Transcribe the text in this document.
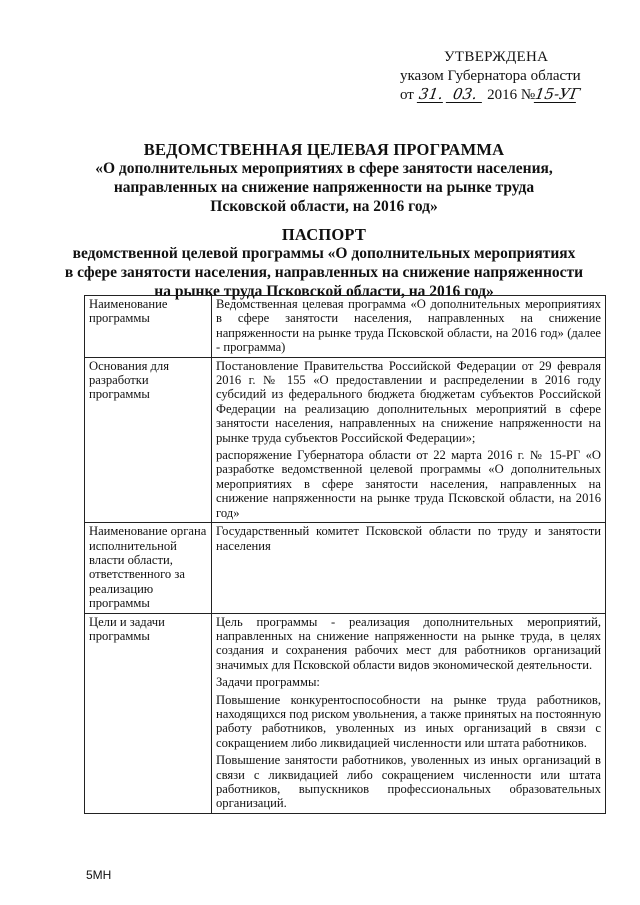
УТВЕРЖДЕНА
указом Губернатора области
от 31. 03. 2016 №15-УГ
ВЕДОМСТВЕННАЯ ЦЕЛЕВАЯ ПРОГРАММА
«О дополнительных мероприятиях в сфере занятости населения,
направленных на снижение напряженности на рынке труда
Псковской области, на 2016 год»
ПАСПОРТ
ведомственной целевой программы «О дополнительных мероприятиях
в сфере занятости населения, направленных на снижение напряженности
на рынке труда Псковской области, на 2016 год»
Наименование программы	Ведомственная целевая программа «О дополнительных мероприятиях в сфере занятости населения, направленных на снижение напряженности на рынке труда Псковской области, на 2016 год» (далее - программа)

Основания для разработки программы	Постановление Правительства Российской Федерации от 29 февраля 2016 г. № 155 «О предоставлении и распределении в 2016 году субсидий из федерального бюджета бюджетам субъектов Российской Федерации на реализацию дополнительных мероприятий в сфере занятости населения, направленных на снижение напряженности на рынке труда субъектов Российской Федерации»;

распоряжение Губернатора области от 22 марта 2016 г. № 15-РГ «О разработке ведомственной целевой программы «О дополнительных мероприятиях в сфере занятости населения, направленных на снижение напряженности на рынке труда Псковской области, на 2016 год»

Наименование органа исполнительной власти области, ответственного за реализацию программы	Государственный комитет Псковской области по труду и занятости населения

Цели и задачи программы	Цель программы - реализация дополнительных мероприятий, направленных на снижение напряженности на рынке труда, в целях создания и сохранения рабочих мест для работников организаций значимых для Псковской области видов экономической деятельности.

Задачи программы:

Повышение конкурентоспособности на рынке труда работников, находящихся под риском увольнения, а также принятых на постоянную работу работников, уволенных из иных организаций в связи с сокращением либо ликвидацией численности или штата работников.

Повышение занятости работников, уволенных из иных организаций в связи с ликвидацией либо сокращением численности или штата работников, выпускников профессиональных образовательных организаций.

5МН
